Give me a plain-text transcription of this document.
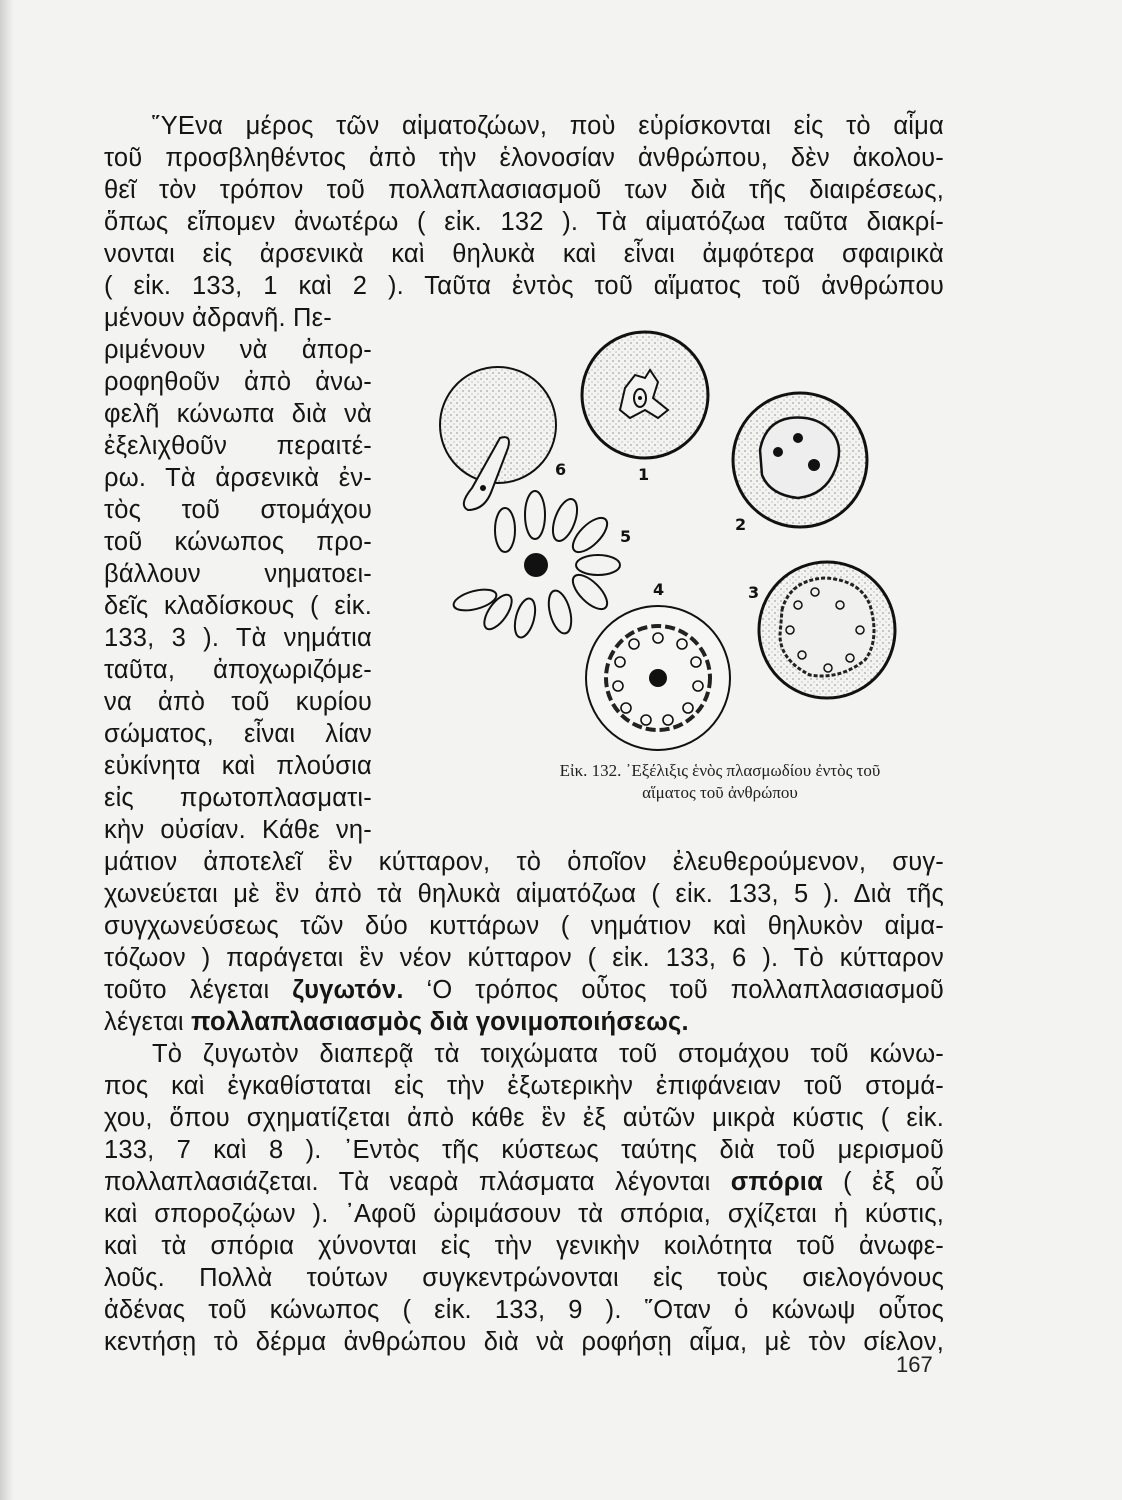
ὝΕνα μέρος τῶν αἱματοζώων, ποὺ εὑρίσκονται εἰς τὸ αἷμα
τοῦ προσβληθέντος ἀπὸ τὴν ἑλονοσίαν ἀνθρώπου, δὲν ἀκολου-
θεῖ τὸν τρόπον τοῦ πολλαπλασιασμοῦ των διὰ τῆς διαιρέσεως,
ὅπως εἴπομεν ἀνωτέρω ( εἰκ. 132 ). Τὰ αἱματόζωα ταῦτα διακρί-
νονται εἰς ἀρσενικὰ καὶ θηλυκὰ καὶ εἶναι ἀμφότερα σφαιρικὰ
( εἰκ. 133, 1 καὶ 2 ). Ταῦτα ἐντὸς τοῦ αἵματος τοῦ ἀνθρώπου
μένουν ἀδρανῆ. Πε-
ριμένουν νὰ ἀπορ-
ροφηθοῦν ἀπὸ ἀνω-
φελῆ κώνωπα διὰ νὰ
ἐξελιχθοῦν περαιτέ-
ρω. Τὰ ἀρσενικὰ ἐν-
τὸς τοῦ στομάχου
τοῦ κώνωπος προ-
βάλλουν νηματοει-
δεῖς κλαδίσκους ( εἰκ.
133, 3 ). Τὰ νημάτια
ταῦτα, ἀποχωριζόμε-
να ἀπὸ τοῦ κυρίου
σώματος, εἶναι λίαν
εὐκίνητα καὶ πλούσια
εἰς πρωτοπλασματι-
κὴν οὐσίαν. Κάθε νη-
μάτιον ἀποτελεῖ ἓν κύτταρον, τὸ ὁποῖον ἐλευθερούμενον, συγ-
χωνεύεται μὲ ἓν ἀπὸ τὰ θηλυκὰ αἱματόζωα ( εἰκ. 133, 5 ). Διὰ τῆς
συγχωνεύσεως τῶν δύο κυττάρων ( νημάτιον καὶ θηλυκὸν αἱμα-
τόζωον ) παράγεται ἓν νέον κύτταρον ( εἰκ. 133, 6 ). Τὸ κύτταρον
τοῦτο λέγεται ζυγωτόν. ‘Ο τρόπος οὗτος τοῦ πολλαπλασιασμοῦ
λέγεται πολλαπλασιασμὸς διὰ γονιμοποιήσεως.
Τὸ ζυγωτὸν διαπερᾷ τὰ τοιχώματα τοῦ στομάχου τοῦ κώνω-
πος καὶ ἐγκαθίσταται εἰς τὴν ἐξωτερικὴν ἐπιφάνειαν τοῦ στομά-
χου, ὅπου σχηματίζεται ἀπὸ κάθε ἓν ἐξ αὐτῶν μικρὰ κύστις ( εἰκ.
133, 7 καὶ 8 ). ᾿Εντὸς τῆς κύστεως ταύτης διὰ τοῦ μερισμοῦ
πολλαπλασιάζεται. Τὰ νεαρὰ πλάσματα λέγονται σπόρια ( ἐξ οὗ
καὶ σποροζῴων ). ᾿Αφοῦ ὡριμάσουν τὰ σπόρια, σχίζεται ἡ κύστις,
καὶ τὰ σπόρια χύνονται εἰς τὴν γενικὴν κοιλότητα τοῦ ἀνωφε-
λοῦς. Πολλὰ τούτων συγκεντρώνονται εἰς τοὺς σιελογόνους
ἀδένας τοῦ κώνωπος ( εἰκ. 133, 9 ). ῞Οταν ὁ κώνωψ οὗτος
κεντήσῃ τὸ δέρμα ἀνθρώπου διὰ νὰ ροφήσῃ αἷμα, μὲ τὸν σίελον,
1
2
3
4
5
6
Εἰκ. 132. ᾿Εξέλιξις ἑνὸς πλασμωδίου ἐντὸς τοῦ
αἵματος τοῦ ἀνθρώπου
167
